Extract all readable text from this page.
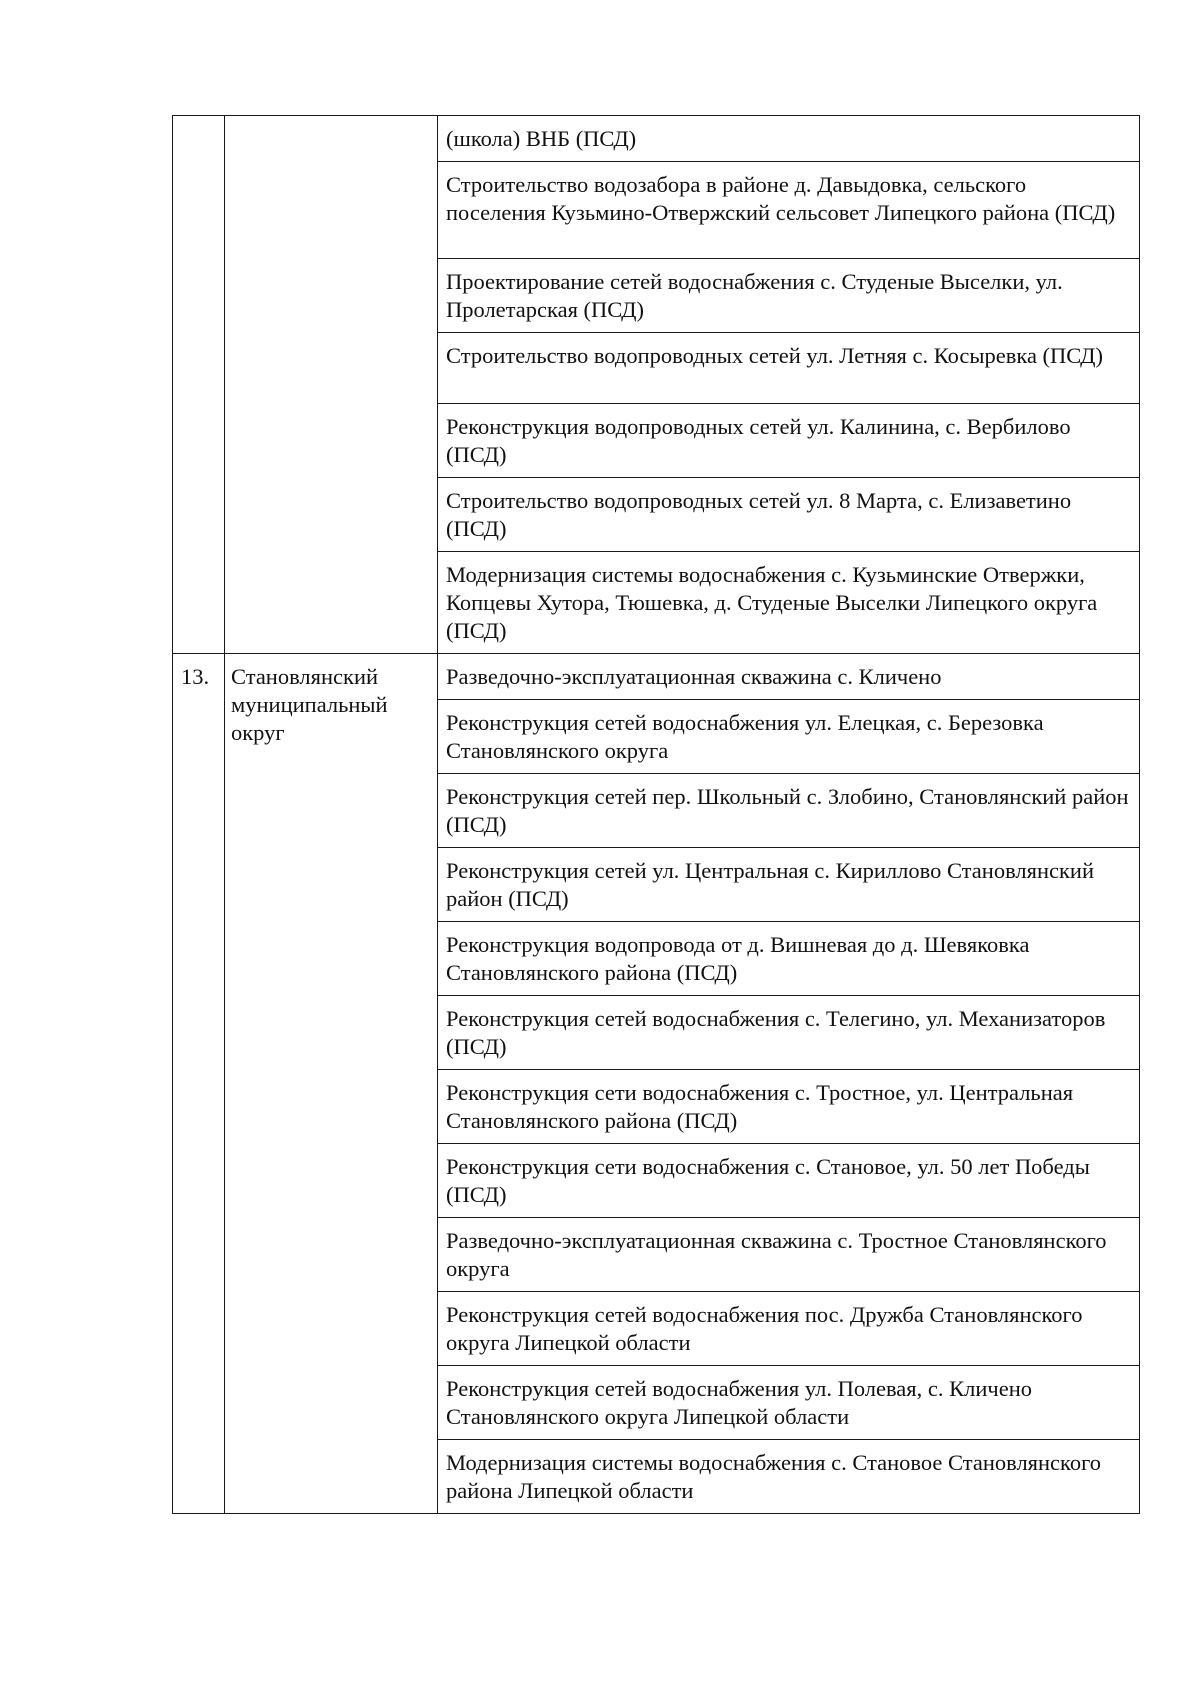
		(школа) ВНБ (ПСД)
		Строительство водозабора в районе д. Давыдовка, сельского поселения Кузьмино-Отвержский сельсовет Липецкого района (ПСД)
		Проектирование сетей водоснабжения с. Студеные Выселки, ул. Пролетарская (ПСД)
		Строительство водопроводных сетей ул. Летняя с. Косыревка (ПСД)
		Реконструкция водопроводных сетей ул. Калинина, с. Вербилово (ПСД)
		Строительство водопроводных сетей ул. 8 Марта, с. Елизаветино (ПСД)
		Модернизация системы водоснабжения с. Кузьминские Отвержки, Копцевы Хутора, Тюшевка, д. Студеные Выселки Липецкого округа (ПСД)
13.	Становлянский муниципальный округ	Разведочно-эксплуатационная скважина с. Кличено
		Реконструкция сетей водоснабжения ул. Елецкая, с. Березовка Становлянского округа
		Реконструкция сетей пер. Школьный с. Злобино, Становлянский район (ПСД)
		Реконструкция сетей ул. Центральная с. Кириллово Становлянский район (ПСД)
		Реконструкция водопровода от д. Вишневая до д. Шевяковка Становлянского района (ПСД)
		Реконструкция сетей водоснабжения с. Телегино, ул. Механизаторов (ПСД)
		Реконструкция сети водоснабжения с. Тростное, ул. Центральная Становлянского района (ПСД)
		Реконструкция сети водоснабжения с. Становое, ул. 50 лет Победы (ПСД)
		Разведочно-эксплуатационная скважина с. Тростное Становлянского округа
		Реконструкция сетей водоснабжения пос. Дружба Становлянского округа Липецкой области
		Реконструкция сетей водоснабжения ул. Полевая, с. Кличено Становлянского округа Липецкой области
		Модернизация системы водоснабжения с. Становое Становлянского района Липецкой области
